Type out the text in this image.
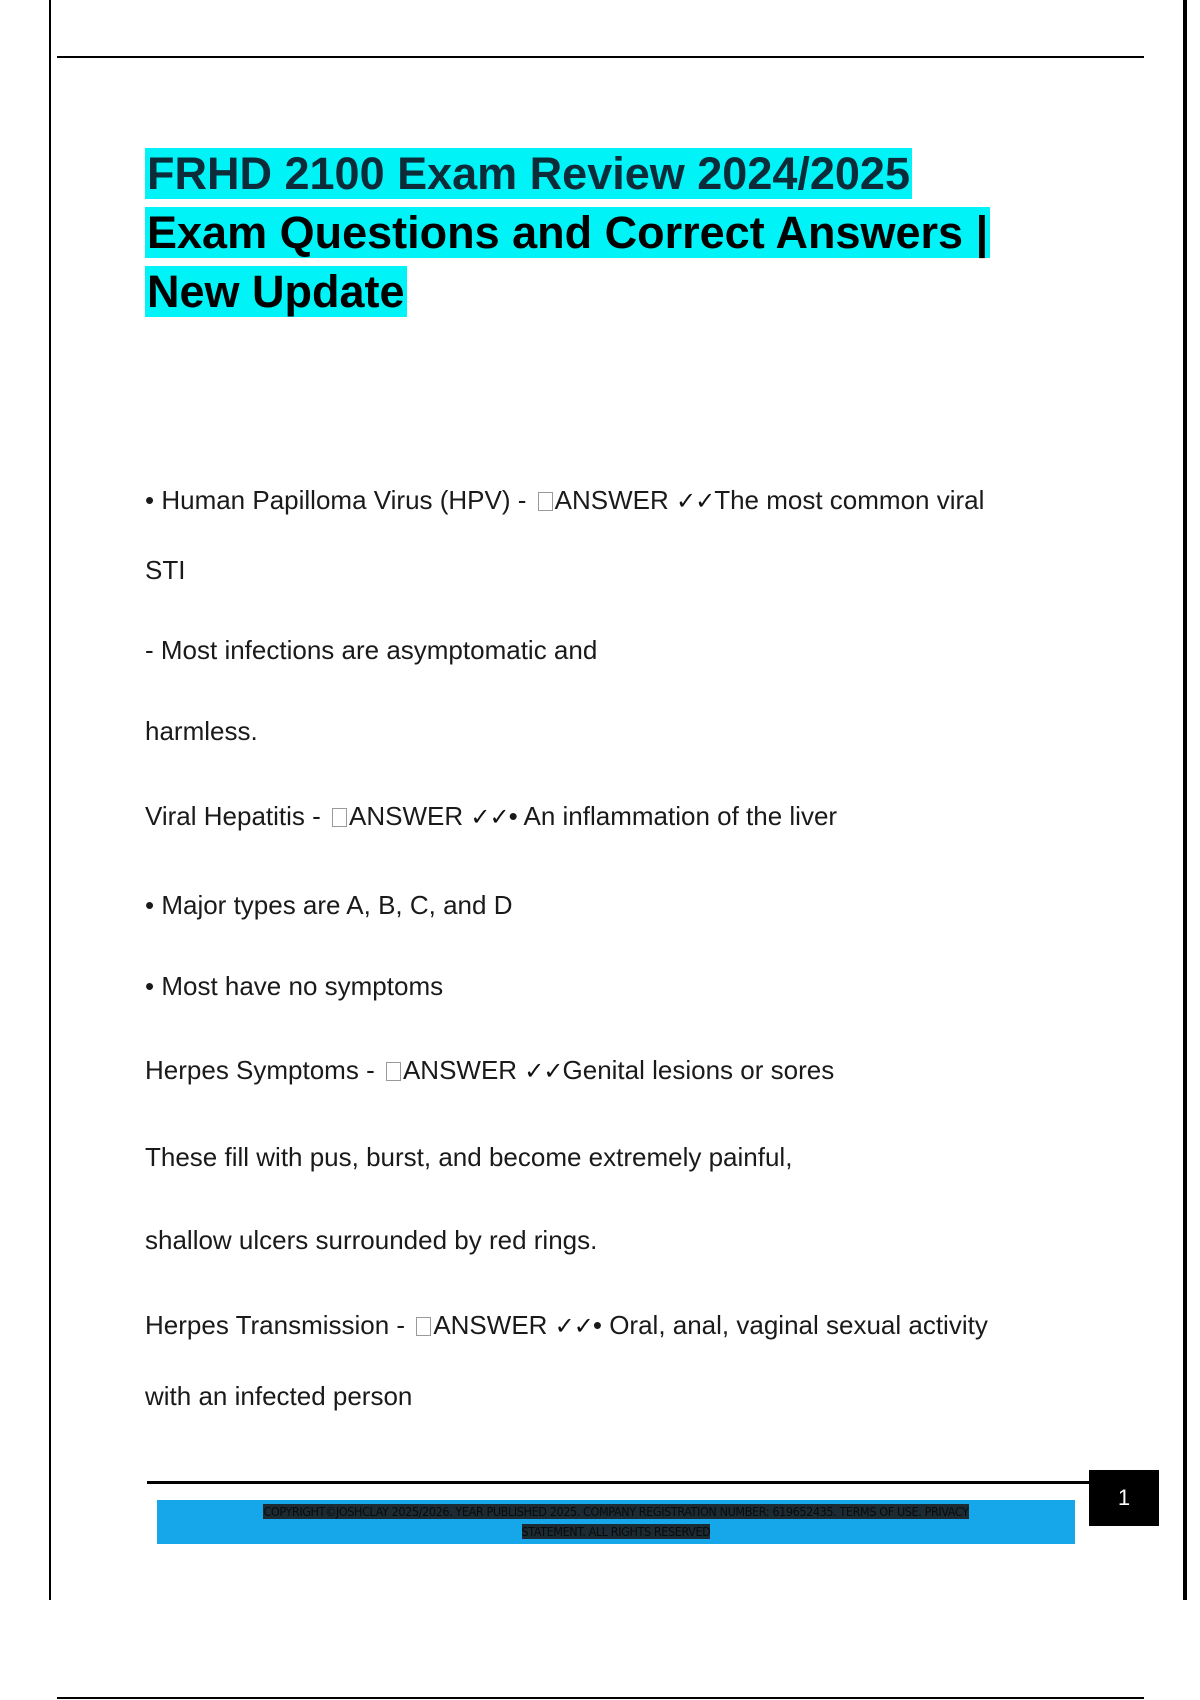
FRHD 2100 Exam Review 2024/2025
Exam Questions and Correct Answers |
New Update
• Human Papilloma Virus (HPV) - ANSWER ✓✓The most common viral
STI
- Most infections are asymptomatic and
harmless.
Viral Hepatitis - ANSWER ✓✓• An inflammation of the liver
• Major types are A, B, C, and D
• Most have no symptoms
Herpes Symptoms - ANSWER ✓✓Genital lesions or sores
These fill with pus, burst, and become extremely painful,
shallow ulcers surrounded by red rings.
Herpes Transmission - ANSWER ✓✓• Oral, anal, vaginal sexual activity
with an infected person
1
COPYRIGHT©JOSHCLAY 2025/2026. YEAR PUBLISHED 2025. COMPANY REGISTRATION NUMBER: 619652435. TERMS OF USE. PRIVACY
STATEMENT. ALL RIGHTS RESERVED
